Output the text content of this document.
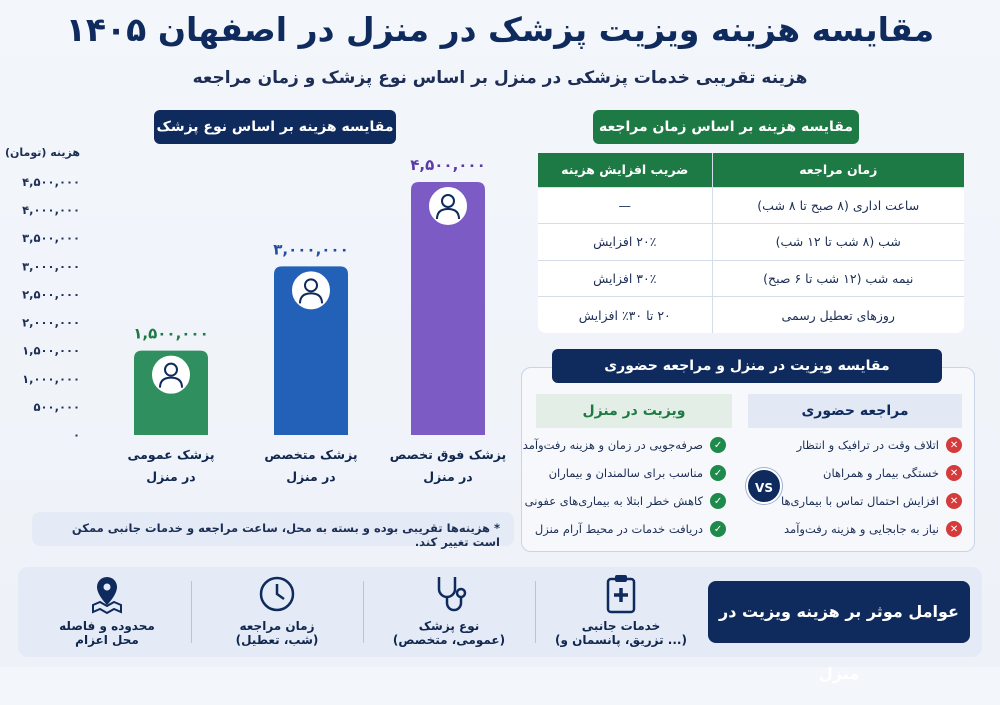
مقایسه هزینه ویزیت پزشک در منزل در اصفهان ۱۴۰۵
هزینه تقریبی خدمات پزشکی در منزل بر اساس نوع پزشک و زمان مراجعه
مقایسه هزینه بر اساس نوع پزشک
هزینه (تومان)
۰
۵۰۰,۰۰۰
۱,۰۰۰,۰۰۰
۱,۵۰۰,۰۰۰
۲,۰۰۰,۰۰۰
۲,۵۰۰,۰۰۰
۳,۰۰۰,۰۰۰
۳,۵۰۰,۰۰۰
۴,۰۰۰,۰۰۰
۴,۵۰۰,۰۰۰
۱,۵۰۰,۰۰۰
۳,۰۰۰,۰۰۰
۴,۵۰۰,۰۰۰
پزشک عمومی
در منزل
پزشک متخصص
در منزل
پزشک فوق تخصص
در منزل
* هزینه‌ها تقریبی بوده و بسته به محل، ساعت مراجعه و خدمات جانبی ممکن است تغییر کند.
مقایسه هزینه بر اساس زمان مراجعه
زمان مراجعه	ضریب افزایش هزینه
ساعت اداری (۸ صبح تا ۸ شب)	—
شب (۸ شب تا ۱۲ شب)	۲۰٪ افزایش
نیمه شب (۱۲ شب تا ۶ صبح)	۳۰٪ افزایش
روزهای تعطیل رسمی	۲۰ تا ۳۰٪ افزایش
مراجعه حضوری
ویزیت در منزل
✕
اتلاف وقت در ترافیک و انتظار
✕
خستگی بیمار و همراهان
✕
افزایش احتمال تماس با بیماری‌ها
✕
نیاز به جابجایی و هزینه رفت‌وآمد
VS
✓
صرفه‌جویی در زمان و هزینه رفت‌وآمد
✓
مناسب برای سالمندان و بیماران
✓
کاهش خطر ابتلا به بیماری‌های عفونی
✓
دریافت خدمات در محیط آرام منزل
مقایسه ویزیت در منزل و مراجعه حضوری
خدمات جانبی
(تزریق، پانسمان و ...)
نوع پزشک
(عمومی، متخصص)
زمان مراجعه
(شب، تعطیل)
محدوده و فاصله
محل اعزام
عوامل موثر بر هزینه ویزیت در منزل
